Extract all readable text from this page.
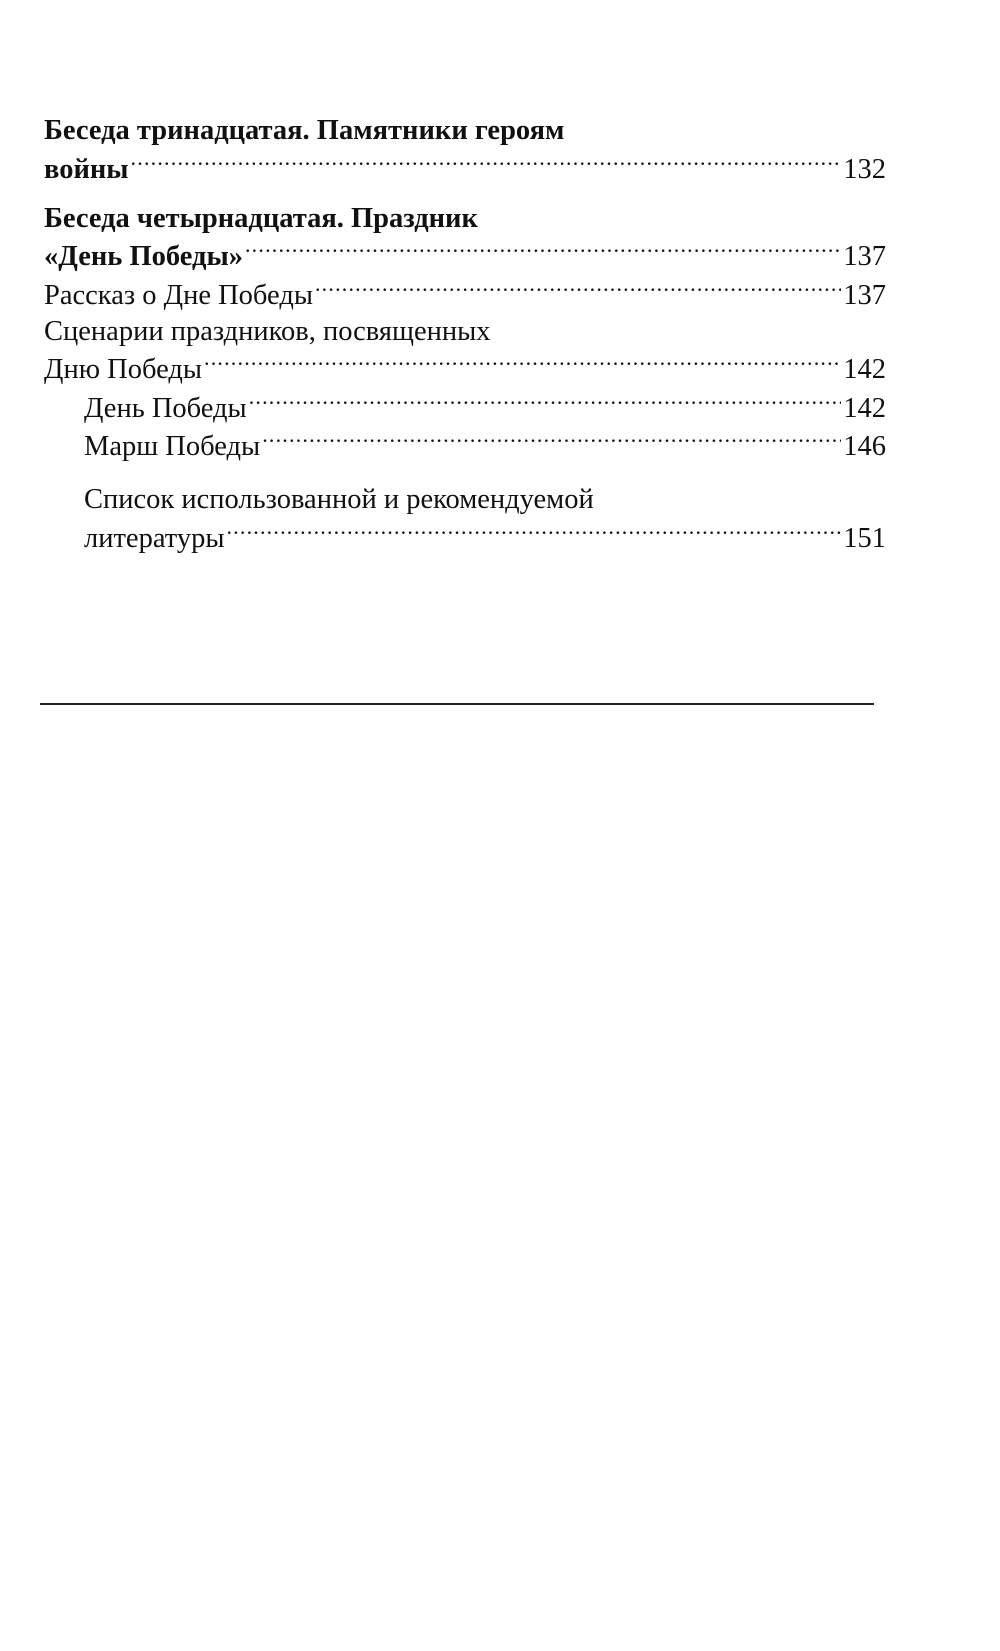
Беседа тринадцатая. Памятники героям
войны .....	132
Беседа четырнадцатая. Праздник
«День Победы» .....	137
Рассказ о Дне Победы .....	137
Сценарии праздников, посвященных
Дню Победы .....	142
День Победы .....	142
Марш Победы .....	146
Список использованной и рекомендуемой
литературы .....	151
